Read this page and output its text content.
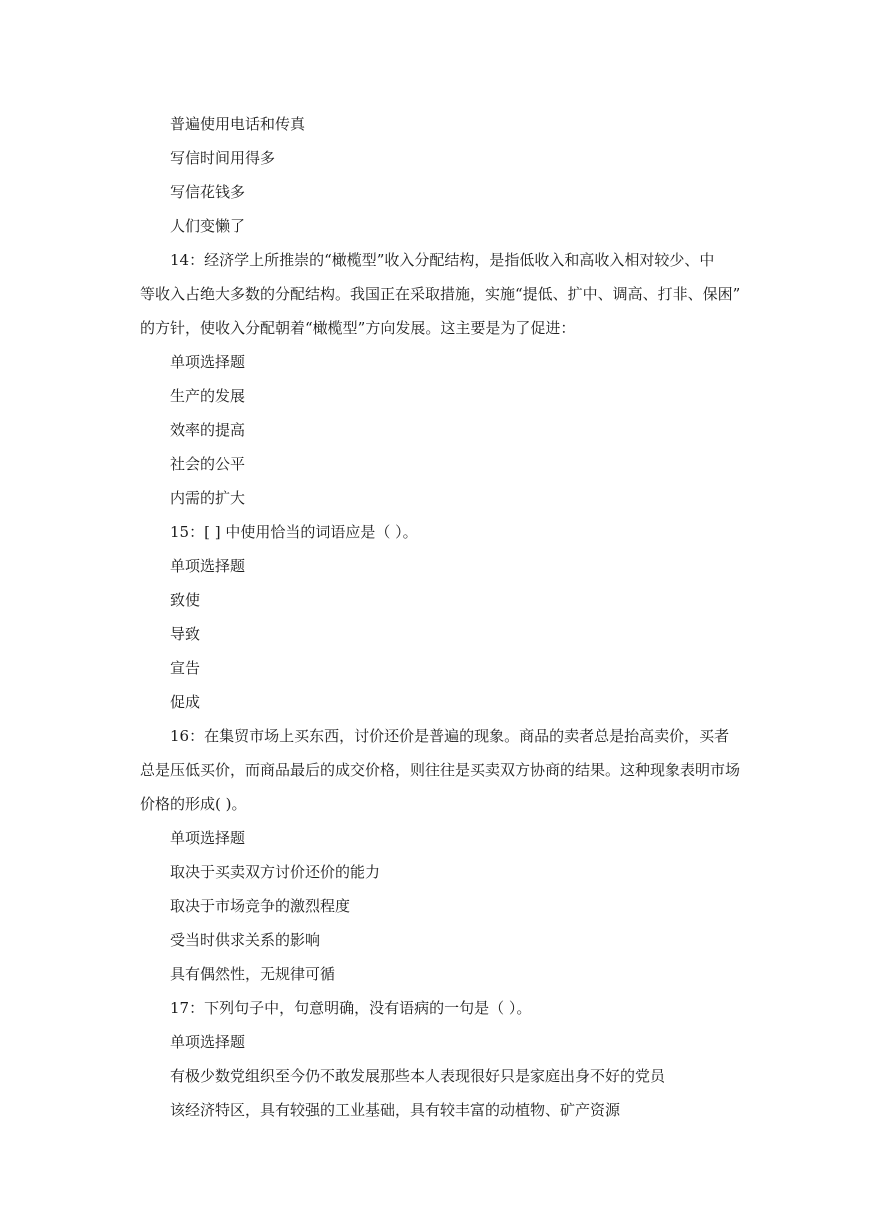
普遍使用电话和传真
写信时间用得多
写信花钱多
人们变懒了
14：经济学上所推崇的“橄榄型”收入分配结构，是指低收入和高收入相对较少、中
等收入占绝大多数的分配结构。我国正在采取措施，实施“提低、扩中、调高、打非、保困”
的方针，使收入分配朝着“橄榄型”方向发展。这主要是为了促进：
单项选择题
生产的发展
效率的提高
社会的公平
内需的扩大
15：[ ] 中使用恰当的词语应是（ ）。
单项选择题
致使
导致
宣告
促成
16：在集贸市场上买东西，讨价还价是普遍的现象。商品的卖者总是抬高卖价，买者
总是压低买价，而商品最后的成交价格，则往往是买卖双方协商的结果。这种现象表明市场
价格的形成( )。
单项选择题
取决于买卖双方讨价还价的能力
取决于市场竞争的激烈程度
受当时供求关系的影响
具有偶然性，无规律可循
17：下列句子中，句意明确，没有语病的一句是（ ）。
单项选择题
有极少数党组织至今仍不敢发展那些本人表现很好只是家庭出身不好的党员
该经济特区，具有较强的工业基础，具有较丰富的动植物、矿产资源
